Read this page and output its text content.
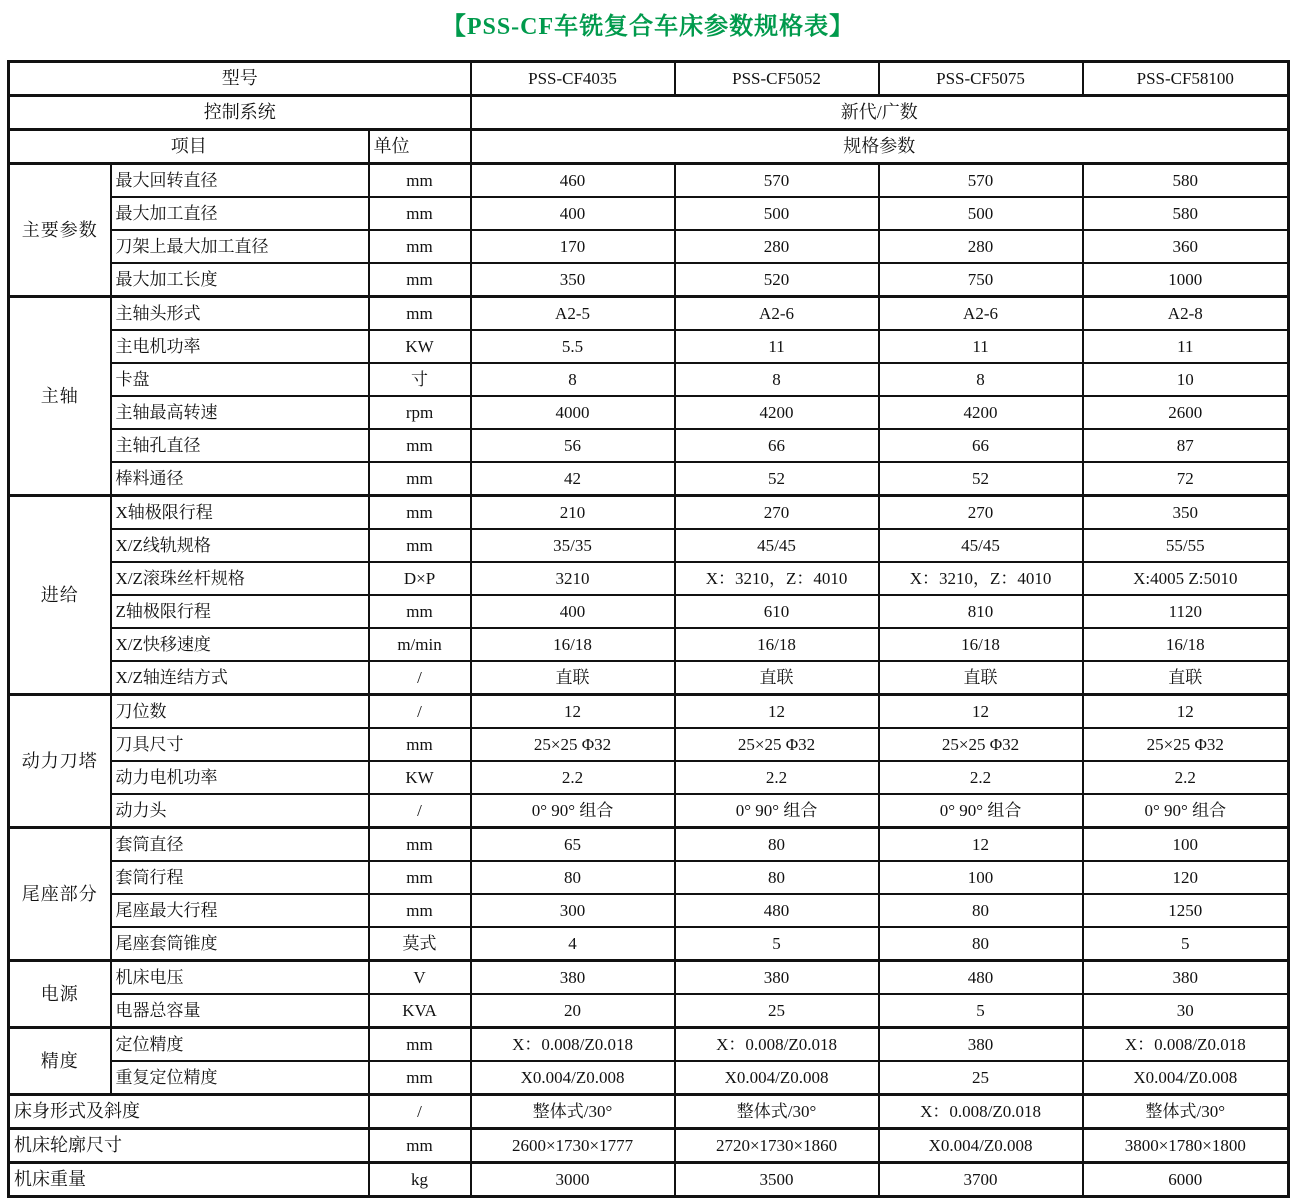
【PSS-CF车铣复合车床参数规格表】
型号			PSS-CF4035	PSS-CF5052	PSS-CF5075	PSS-CF58100
控制系统			新代/广数			
项目		单位	规格参数			
主要参数	最大回转直径	mm	460	570	570	580
	最大加工直径	mm	400	500	500	580
	刀架上最大加工直径	mm	170	280	280	360
	最大加工长度	mm	350	520	750	1000
主轴	主轴头形式	mm	A2-5	A2-6	A2-6	A2-8
	主电机功率	KW	5.5	11	11	11
	卡盘	寸	8	8	8	10
	主轴最高转速	rpm	4000	4200	4200	2600
	主轴孔直径	mm	56	66	66	87
	棒料通径	mm	42	52	52	72
进给	X轴极限行程	mm	210	270	270	350
	X/Z线轨规格	mm	35/35	45/45	45/45	55/55
	X/Z滚珠丝杆规格	D×P	3210	X：3210，Z：4010	X：3210，Z：4010	X:4005 Z:5010
	Z轴极限行程	mm	400	610	810	1120
	X/Z快移速度	m/min	16/18	16/18	16/18	16/18
	X/Z轴连结方式	/	直联	直联	直联	直联
动力刀塔	刀位数	/	12	12	12	12
	刀具尺寸	mm	25×25 Φ32	25×25 Φ32	25×25 Φ32	25×25 Φ32
	动力电机功率	KW	2.2	2.2	2.2	2.2
	动力头	/	0° 90° 组合	0° 90° 组合	0° 90° 组合	0° 90° 组合
尾座部分	套筒直径	mm	65	80	12	100
	套筒行程	mm	80	80	100	120
	尾座最大行程	mm	300	480	80	1250
	尾座套筒锥度	莫式	4	5	80	5
电源	机床电压	V	380	380	480	380
	电器总容量	KVA	20	25	5	30
精度	定位精度	mm	X：0.008/Z0.018	X：0.008/Z0.018	380	X：0.008/Z0.018
	重复定位精度	mm	X0.004/Z0.008	X0.004/Z0.008	25	X0.004/Z0.008
床身形式及斜度		/	整体式/30°	整体式/30°	X：0.008/Z0.018	整体式/30°
机床轮廓尺寸		mm	2600×1730×1777	2720×1730×1860	X0.004/Z0.008	3800×1780×1800
机床重量		kg	3000	3500	3700	6000
